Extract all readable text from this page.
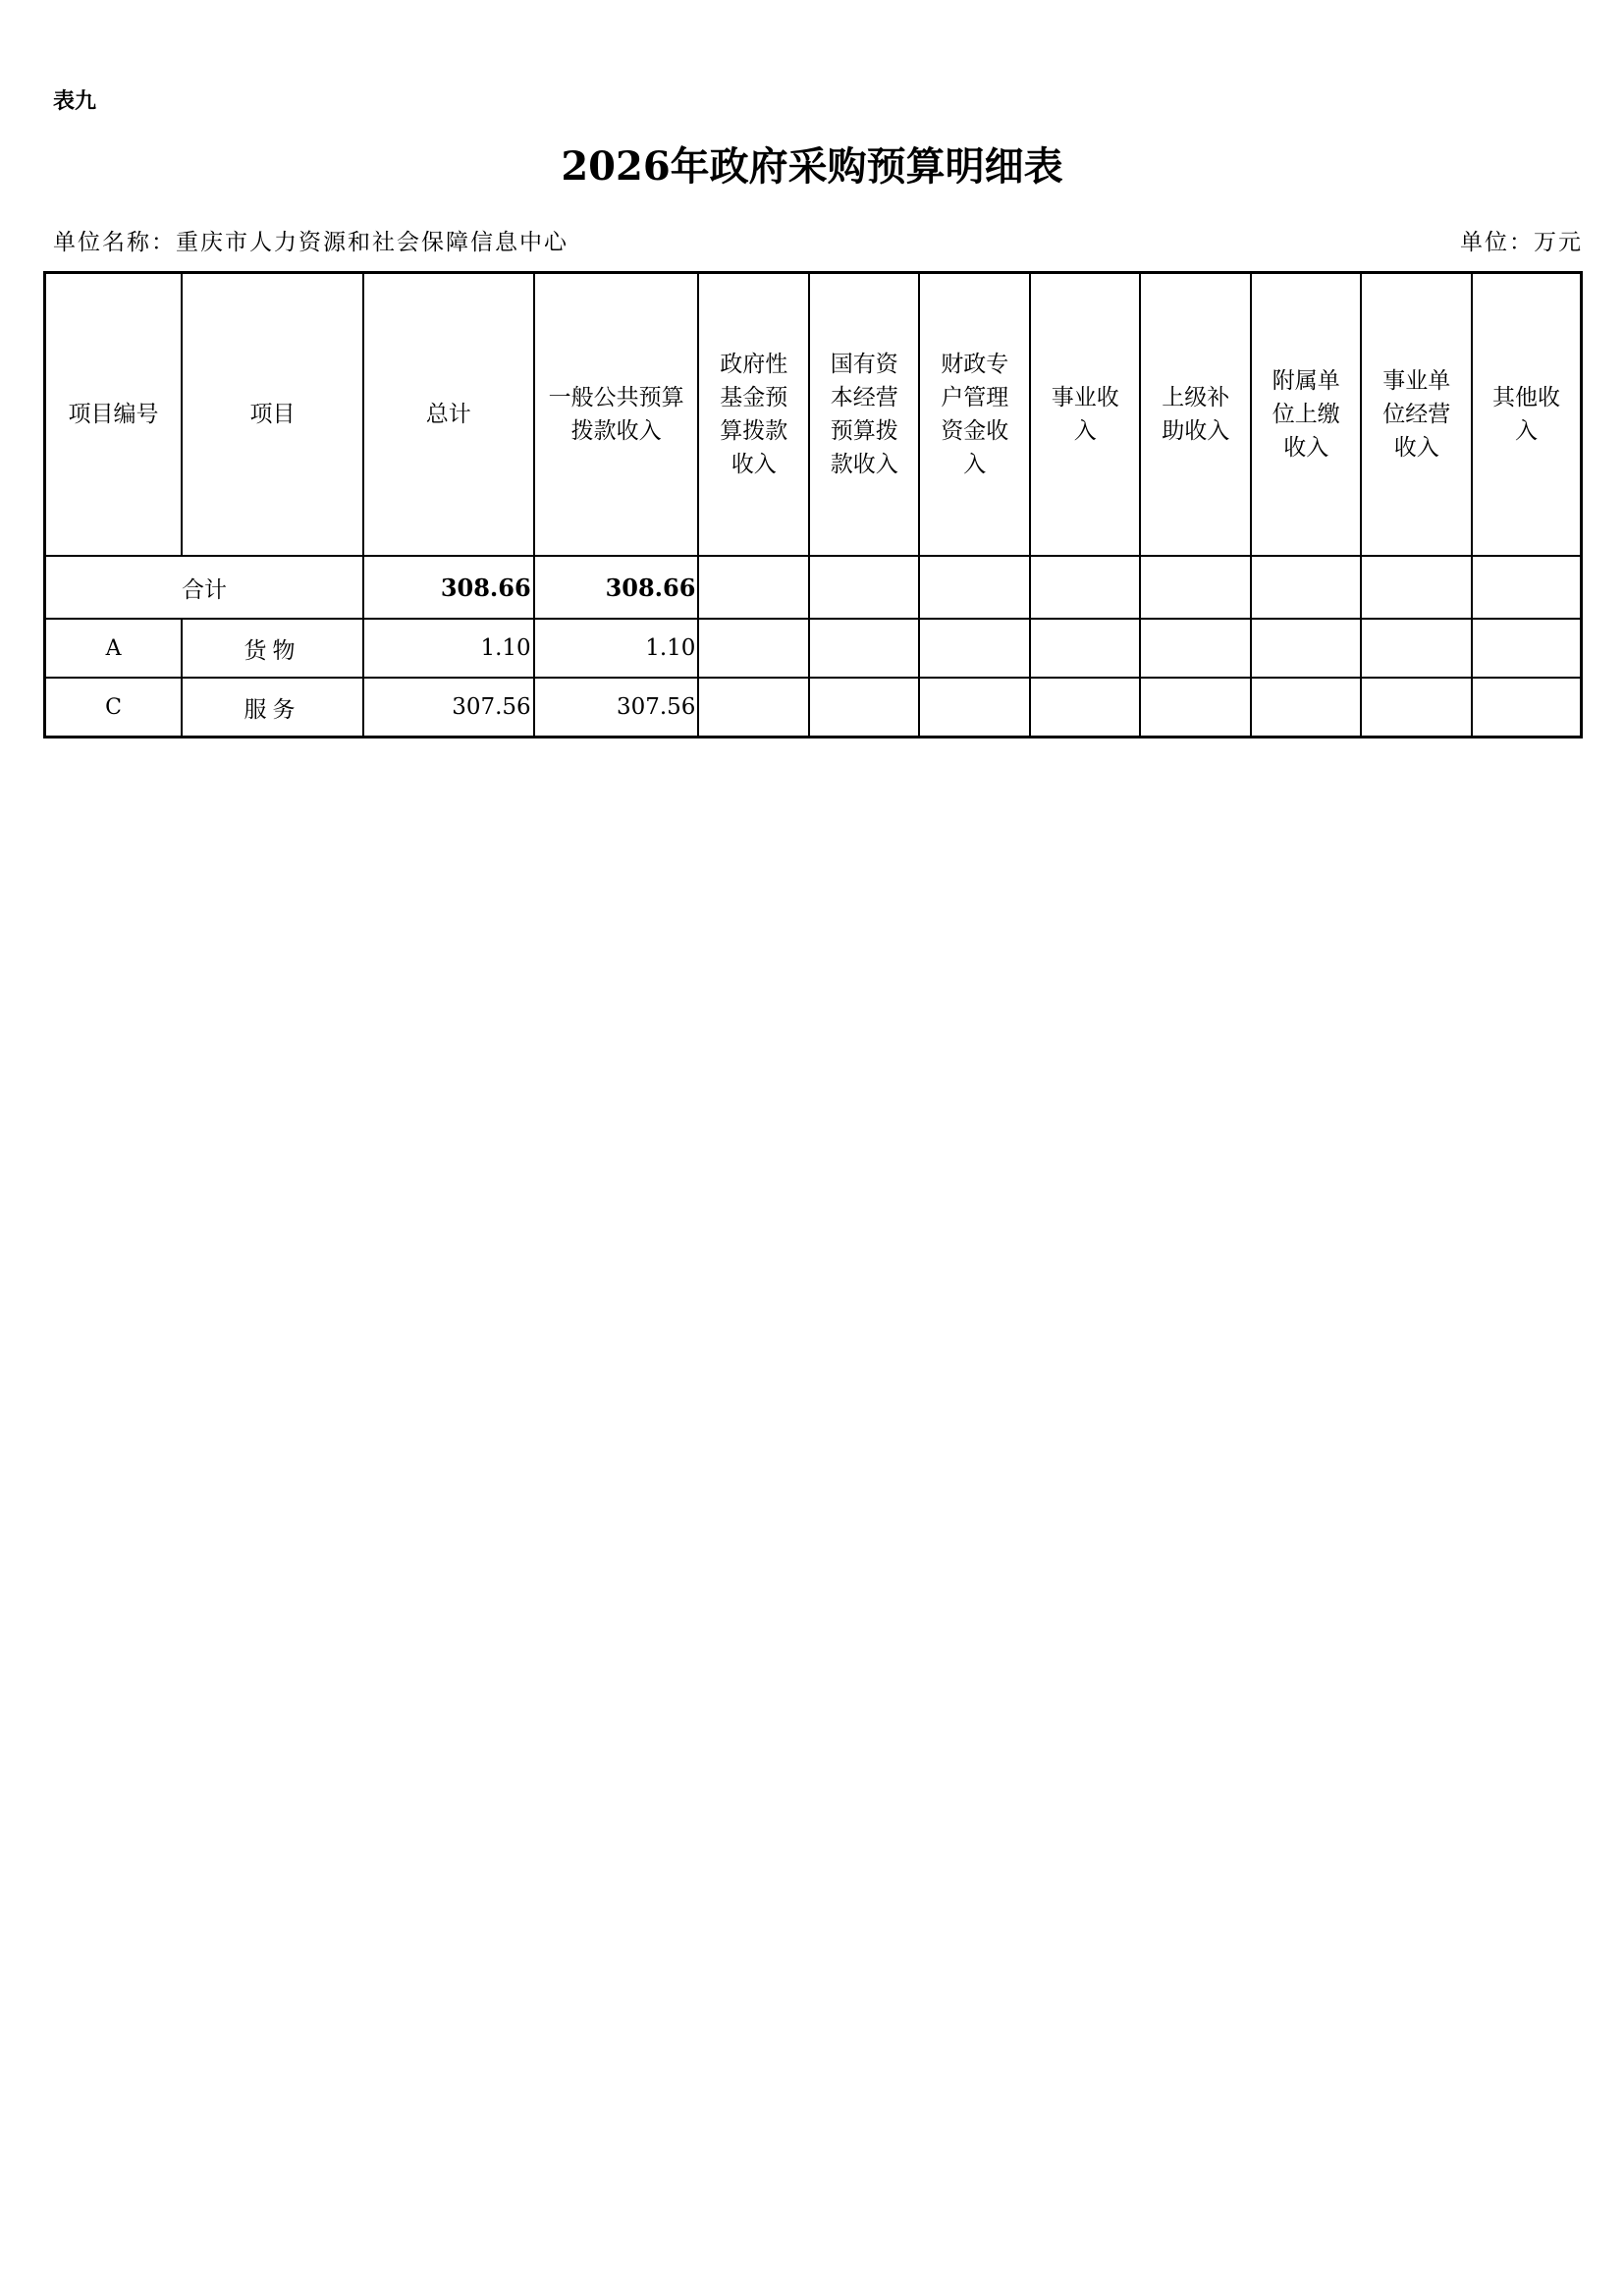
表九
2026年政府采购预算明细表
单位名称：重庆市人力资源和社会保障信息中心	单位：万元
项目编号	项目	总计	一般公共预算拨款收入	政府性基金预算拨款收入	国有资本经营预算拨款收入	财政专户管理资金收入	事业收入	上级补助收入	附属单位上缴收入	事业单位经营收入	其他收入

合计		308.66	308.66								
A	货物	1.10	1.10								
C	服务	307.56	307.56								
